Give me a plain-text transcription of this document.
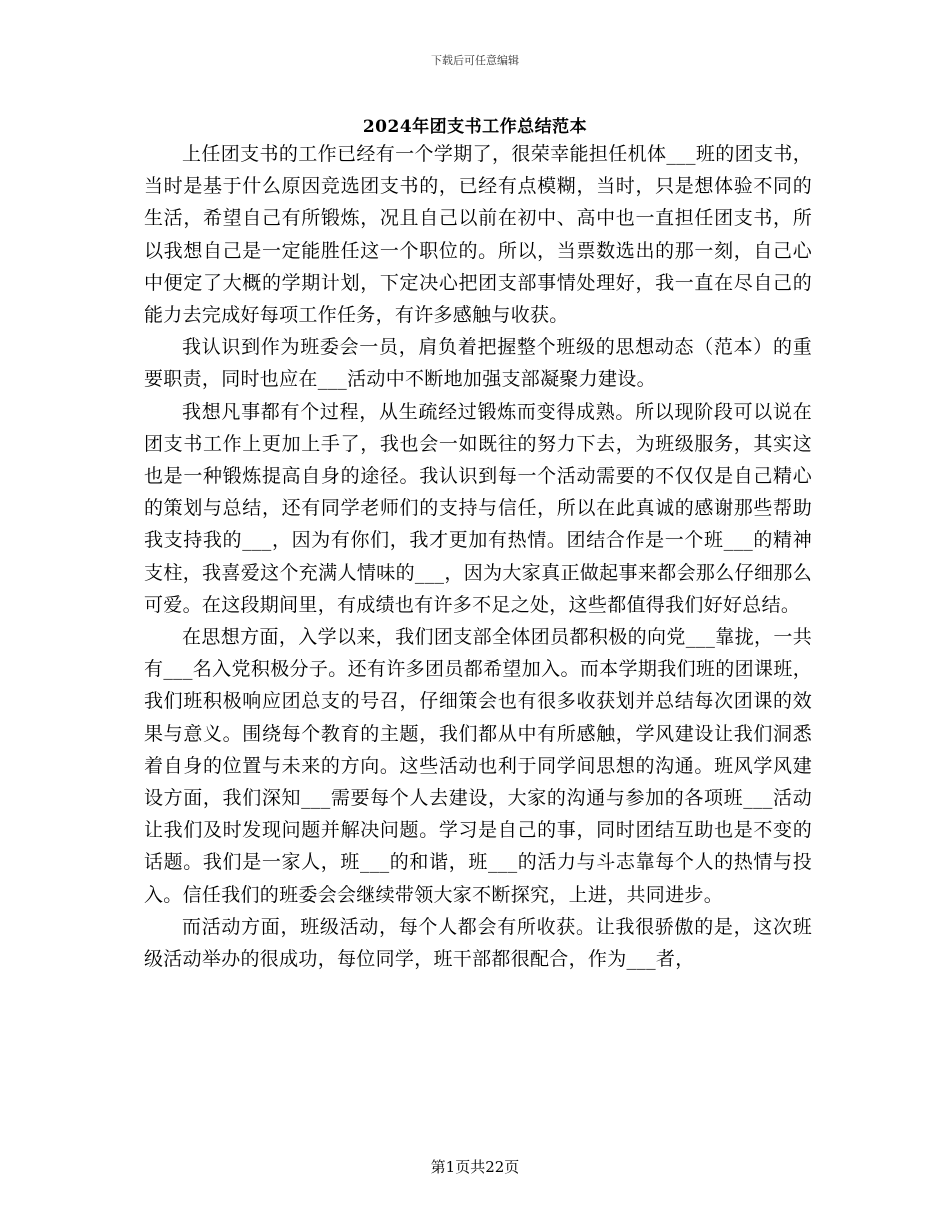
下载后可任意编辑
2024年团支书工作总结范本

上任团支书的工作已经有一个学期了，很荣幸能担任机体___班的团支书，当时是基于什么原因竞选团支书的，已经有点模糊，当时，只是想体验不同的生活，希望自己有所锻炼，况且自己以前在初中、高中也一直担任团支书，所以我想自己是一定能胜任这一个职位的。所以，当票数选出的那一刻，自己心中便定了大概的学期计划，下定决心把团支部事情处理好，我一直在尽自己的能力去完成好每项工作任务，有许多感触与收获。

我认识到作为班委会一员，肩负着把握整个班级的思想动态（范本）的重要职责，同时也应在___活动中不断地加强支部凝聚力建设。

我想凡事都有个过程，从生疏经过锻炼而变得成熟。所以现阶段可以说在团支书工作上更加上手了，我也会一如既往的努力下去，为班级服务，其实这也是一种锻炼提高自身的途径。我认识到每一个活动需要的不仅仅是自己精心的策划与总结，还有同学老师们的支持与信任，所以在此真诚的感谢那些帮助我支持我的___，因为有你们，我才更加有热情。团结合作是一个班___的精神支柱，我喜爱这个充满人情味的___，因为大家真正做起事来都会那么仔细那么可爱。在这段期间里，有成绩也有许多不足之处，这些都值得我们好好总结。

在思想方面，入学以来，我们团支部全体团员都积极的向党___靠拢，一共有___名入党积极分子。还有许多团员都希望加入。而本学期我们班的团课班，我们班积极响应团总支的号召，仔细策会也有很多收获划并总结每次团课的效果与意义。围绕每个教育的主题，我们都从中有所感触，学风建设让我们洞悉着自身的位置与未来的方向。这些活动也利于同学间思想的沟通。班风学风建设方面，我们深知___需要每个人去建设，大家的沟通与参加的各项班___活动让我们及时发现问题并解决问题。学习是自己的事，同时团结互助也是不变的话题。我们是一家人，班___的和谐，班___的活力与斗志靠每个人的热情与投入。信任我们的班委会会继续带领大家不断探究，上进，共同进步。

而活动方面，班级活动，每个人都会有所收获。让我很骄傲的是，这次班级活动举办的很成功，每位同学，班干部都很配合，作为___者，

第1页共22页
